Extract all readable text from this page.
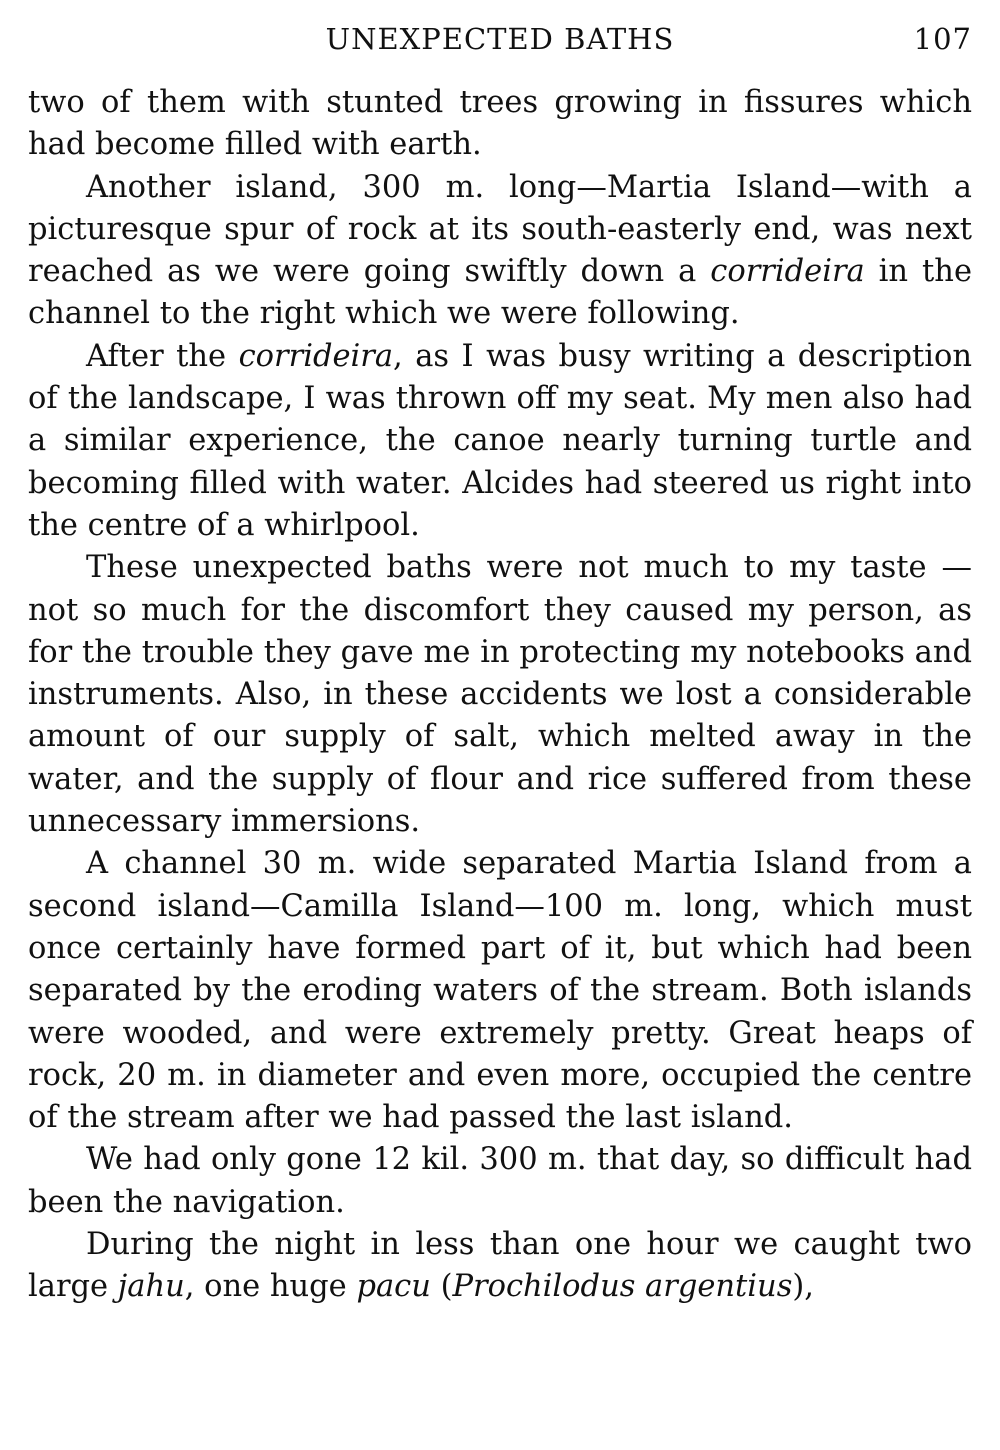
UNEXPECTED BATHS	107

two of them with stunted trees growing in fissures which had become filled with earth.

Another island, 300 m. long—Martia Island—with a picturesque spur of rock at its south-easterly end, was next reached as we were going swiftly down a corrideira in the channel to the right which we were following.

After the corrideira, as I was busy writing a description of the landscape, I was thrown off my seat. My men also had a similar experience, the canoe nearly turning turtle and becoming filled with water. Alcides had steered us right into the centre of a whirlpool.

These unexpected baths were not much to my taste —not so much for the discomfort they caused my person, as for the trouble they gave me in protecting my notebooks and instruments. Also, in these accidents we lost a considerable amount of our supply of salt, which melted away in the water, and the supply of flour and rice suffered from these unnecessary immersions.

A channel 30 m. wide separated Martia Island from a second island—Camilla Island—100 m. long, which must once certainly have formed part of it, but which had been separated by the eroding waters of the stream. Both islands were wooded, and were extremely pretty. Great heaps of rock, 20 m. in diameter and even more, occupied the centre of the stream after we had passed the last island.

We had only gone 12 kil. 300 m. that day, so difficult had been the navigation.

During the night in less than one hour we caught two large jahu, one huge pacu (Prochilodus argentius),
